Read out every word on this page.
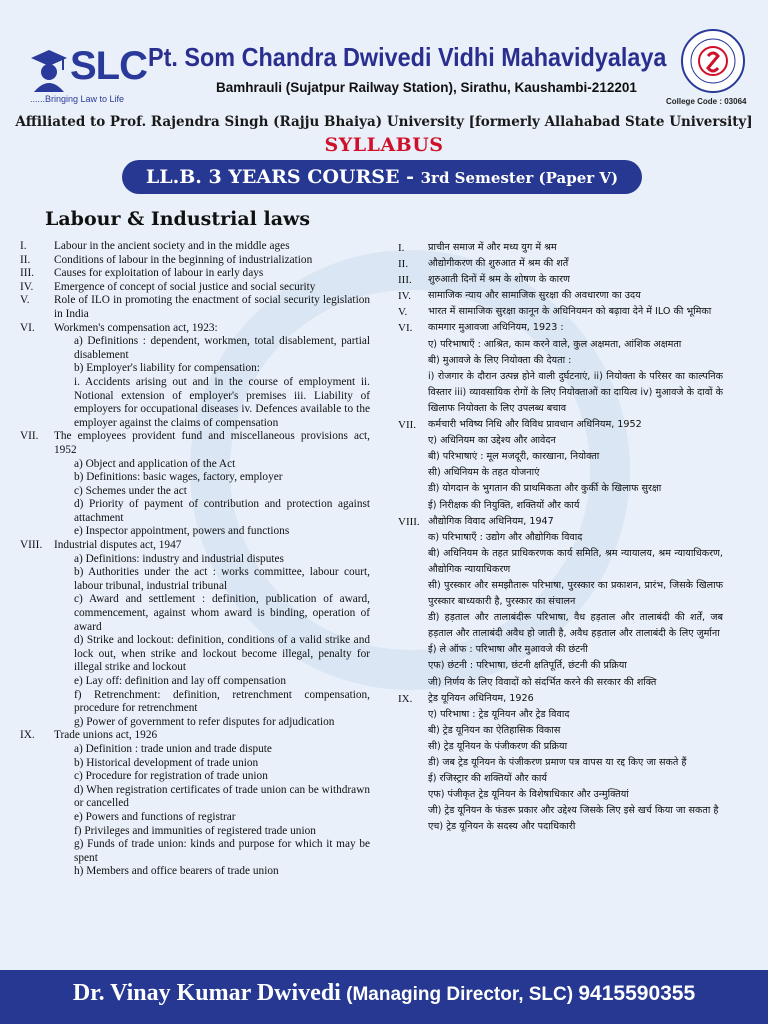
SLC
......Bringing Law to Life
Pt. Som Chandra Dwivedi Vidhi Mahavidyalaya
Bamhrauli (Sujatpur Railway Station), Sirathu, Kaushambi-212201
College Code : 03064
Affiliated to Prof. Rajendra Singh (Rajju Bhaiya) University [formerly Allahabad State University]
SYLLABUS
LL.B. 3 YEARS COURSE - 3rd Semester (Paper V)
Labour & Industrial laws
I.	Labour in the ancient society and in the middle ages
II.	Conditions of labour in the beginning of industrialization
III.	Causes for exploitation of labour in early days
IV.	Emergence of concept of social justice and social security
V.	Role of ILO in promoting the enactment of social security legislation in India
VI.	Workmen's compensation act, 1923:
a) Definitions : dependent, workmen, total disablement, partial disablement
b) Employer's liability for compensation:
i. Accidents arising out and in the course of employment ii. Notional extension of employer's premises iii. Liability of employers for occupational diseases iv. Defences available to the employer against the claims of compensation
VII.	The employees provident fund and miscellaneous provisions act, 1952
a) Object and application of the Act
b) Definitions: basic wages, factory, employer
c) Schemes under the act
d) Priority of payment of contribution and protection against attachment
e) Inspector appointment, powers and functions
VIII.	Industrial disputes act, 1947
a) Definitions: industry and industrial disputes
b) Authorities under the act : works committee, labour court, labour tribunal, industrial tribunal
c) Award and settlement : definition, publication of award, commencement, against whom award is binding, operation of award
d) Strike and lockout: definition, conditions of a valid strike and lock out, when strike and lockout become illegal, penalty for illegal strike and lockout
e) Lay off: definition and lay off compensation
f) Retrenchment: definition, retrenchment compensation, procedure for retrenchment
g) Power of government to refer disputes for adjudication
IX.	Trade unions act, 1926
a) Definition : trade union and trade dispute
b) Historical development of trade union
c) Procedure for registration of trade union
d) When registration certificates of trade union can be withdrawn or cancelled
e) Powers and functions of registrar
f) Privileges and immunities of registered trade union
g) Funds of trade union: kinds and purpose for which it may be spent
h) Members and office bearers of trade union
I.	प्राचीन समाज में और मध्य युग में श्रम
II.	औद्योगीकरण की शुरुआत में श्रम की शर्तें
III.	शुरुआती दिनों में श्रम के शोषण के कारण
IV.	सामाजिक न्याय और सामाजिक सुरक्षा की अवधारणा का उदय
V.	भारत में सामाजिक सुरक्षा कानून के अधिनियमन को बढ़ावा देने में ILO की भूमिका
VI.	कामगार मुआवजा अधिनियम, 1923 :
ए) परिभाषाएँ : आश्रित, काम करने वाले, कुल अक्षमता, आंशिक अक्षमता
बी) मुआवजे के लिए नियोक्ता की देयता :
i) रोजगार के दौरान उत्पन्न होने वाली दुर्घटनाएं, ii) नियोक्ता के परिसर का काल्पनिक विस्तार iii) व्यावसायिक रोगों के लिए नियोक्ताओं का दायित्व iv) मुआवजे के दावों के खिलाफ नियोक्ता के लिए उपलब्ध बचाव
VII.	कर्मचारी भविष्य निधि और विविध प्रावधान अधिनियम, 1952
ए) अधिनियम का उद्देश्य और आवेदन
बी) परिभाषाएं : मूल मजदूरी, कारखाना, नियोक्ता
सी) अधिनियम के तहत योजनाएं
डी) योगदान के भुगतान की प्राथमिकता और कुर्की के खिलाफ सुरक्षा
ई) निरीक्षक की नियुक्ति, शक्तियों और कार्य
VIII. औद्योगिक विवाद अधिनियम, 1947
क) परिभाषाएँ : उद्योग और औद्योगिक विवाद
बी) अधिनियम के तहत प्राधिकरणक कार्य समिति, श्रम न्यायालय, श्रम न्यायाधिकरण, औद्योगिक न्यायाधिकरण
सी) पुरस्कार और समझौतारू परिभाषा, पुरस्कार का प्रकाशन, प्रारंभ, जिसके खिलाफ पुरस्कार बाध्यकारी है, पुरस्कार का संचालन
डी) हड़ताल और तालाबंदीरू परिभाषा, वैध हड़ताल और तालाबंदी की शर्तें, जब हड़ताल और तालाबंदी अवैध हो जाती है, अवैध हड़ताल और तालाबंदी के लिए जुर्माना
ई) ले ऑफ : परिभाषा और मुआवजे की छंटनी
एफ) छंटनी : परिभाषा, छंटनी क्षतिपूर्ति, छंटनी की प्रक्रिया
जी) निर्णय के लिए विवादों को संदर्भित करने की सरकार की शक्ति
IX.	ट्रेड यूनियन अधिनियम, 1926
ए) परिभाषा : ट्रेड यूनियन और ट्रेड विवाद
बी) ट्रेड यूनियन का ऐतिहासिक विकास
सी) ट्रेड यूनियन के पंजीकरण की प्रक्रिया
डी) जब ट्रेड यूनियन के पंजीकरण प्रमाण पत्र वापस या रद्द किए जा सकते हैं
ई) रजिस्ट्रार की शक्तियों और कार्य
एफ) पंजीकृत ट्रेड यूनियन के विशेषाधिकार और उन्मुक्तियां
जी) ट्रेड यूनियन के फंडरू प्रकार और उद्देश्य जिसके लिए इसे खर्च किया जा सकता है
एच) ट्रेड यूनियन के सदस्य और पदाधिकारी
Dr. Vinay Kumar Dwivedi (Managing Director, SLC) 9415590355
